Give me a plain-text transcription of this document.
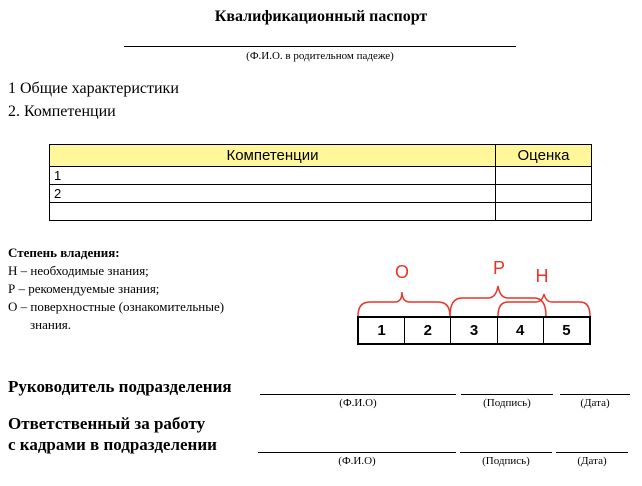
Квалификационный паспорт
(Ф.И.О. в родительном падеже)
1 Общие характеристики
2. Компетенции
Компетенции	Оценка
1	
2	

Степень владения:
Н – необходимые знания;
Р – рекомендуемые знания;
О – поверхностные (ознакомительные)
знания.
О	Р Н
1	2	3	4	5
Руководитель подразделения
(Ф.И.О)	(Подпись)	(Дата)
Ответственный за работу
с кадрами в подразделении
(Ф.И.О)	(Подпись)	(Дата)
